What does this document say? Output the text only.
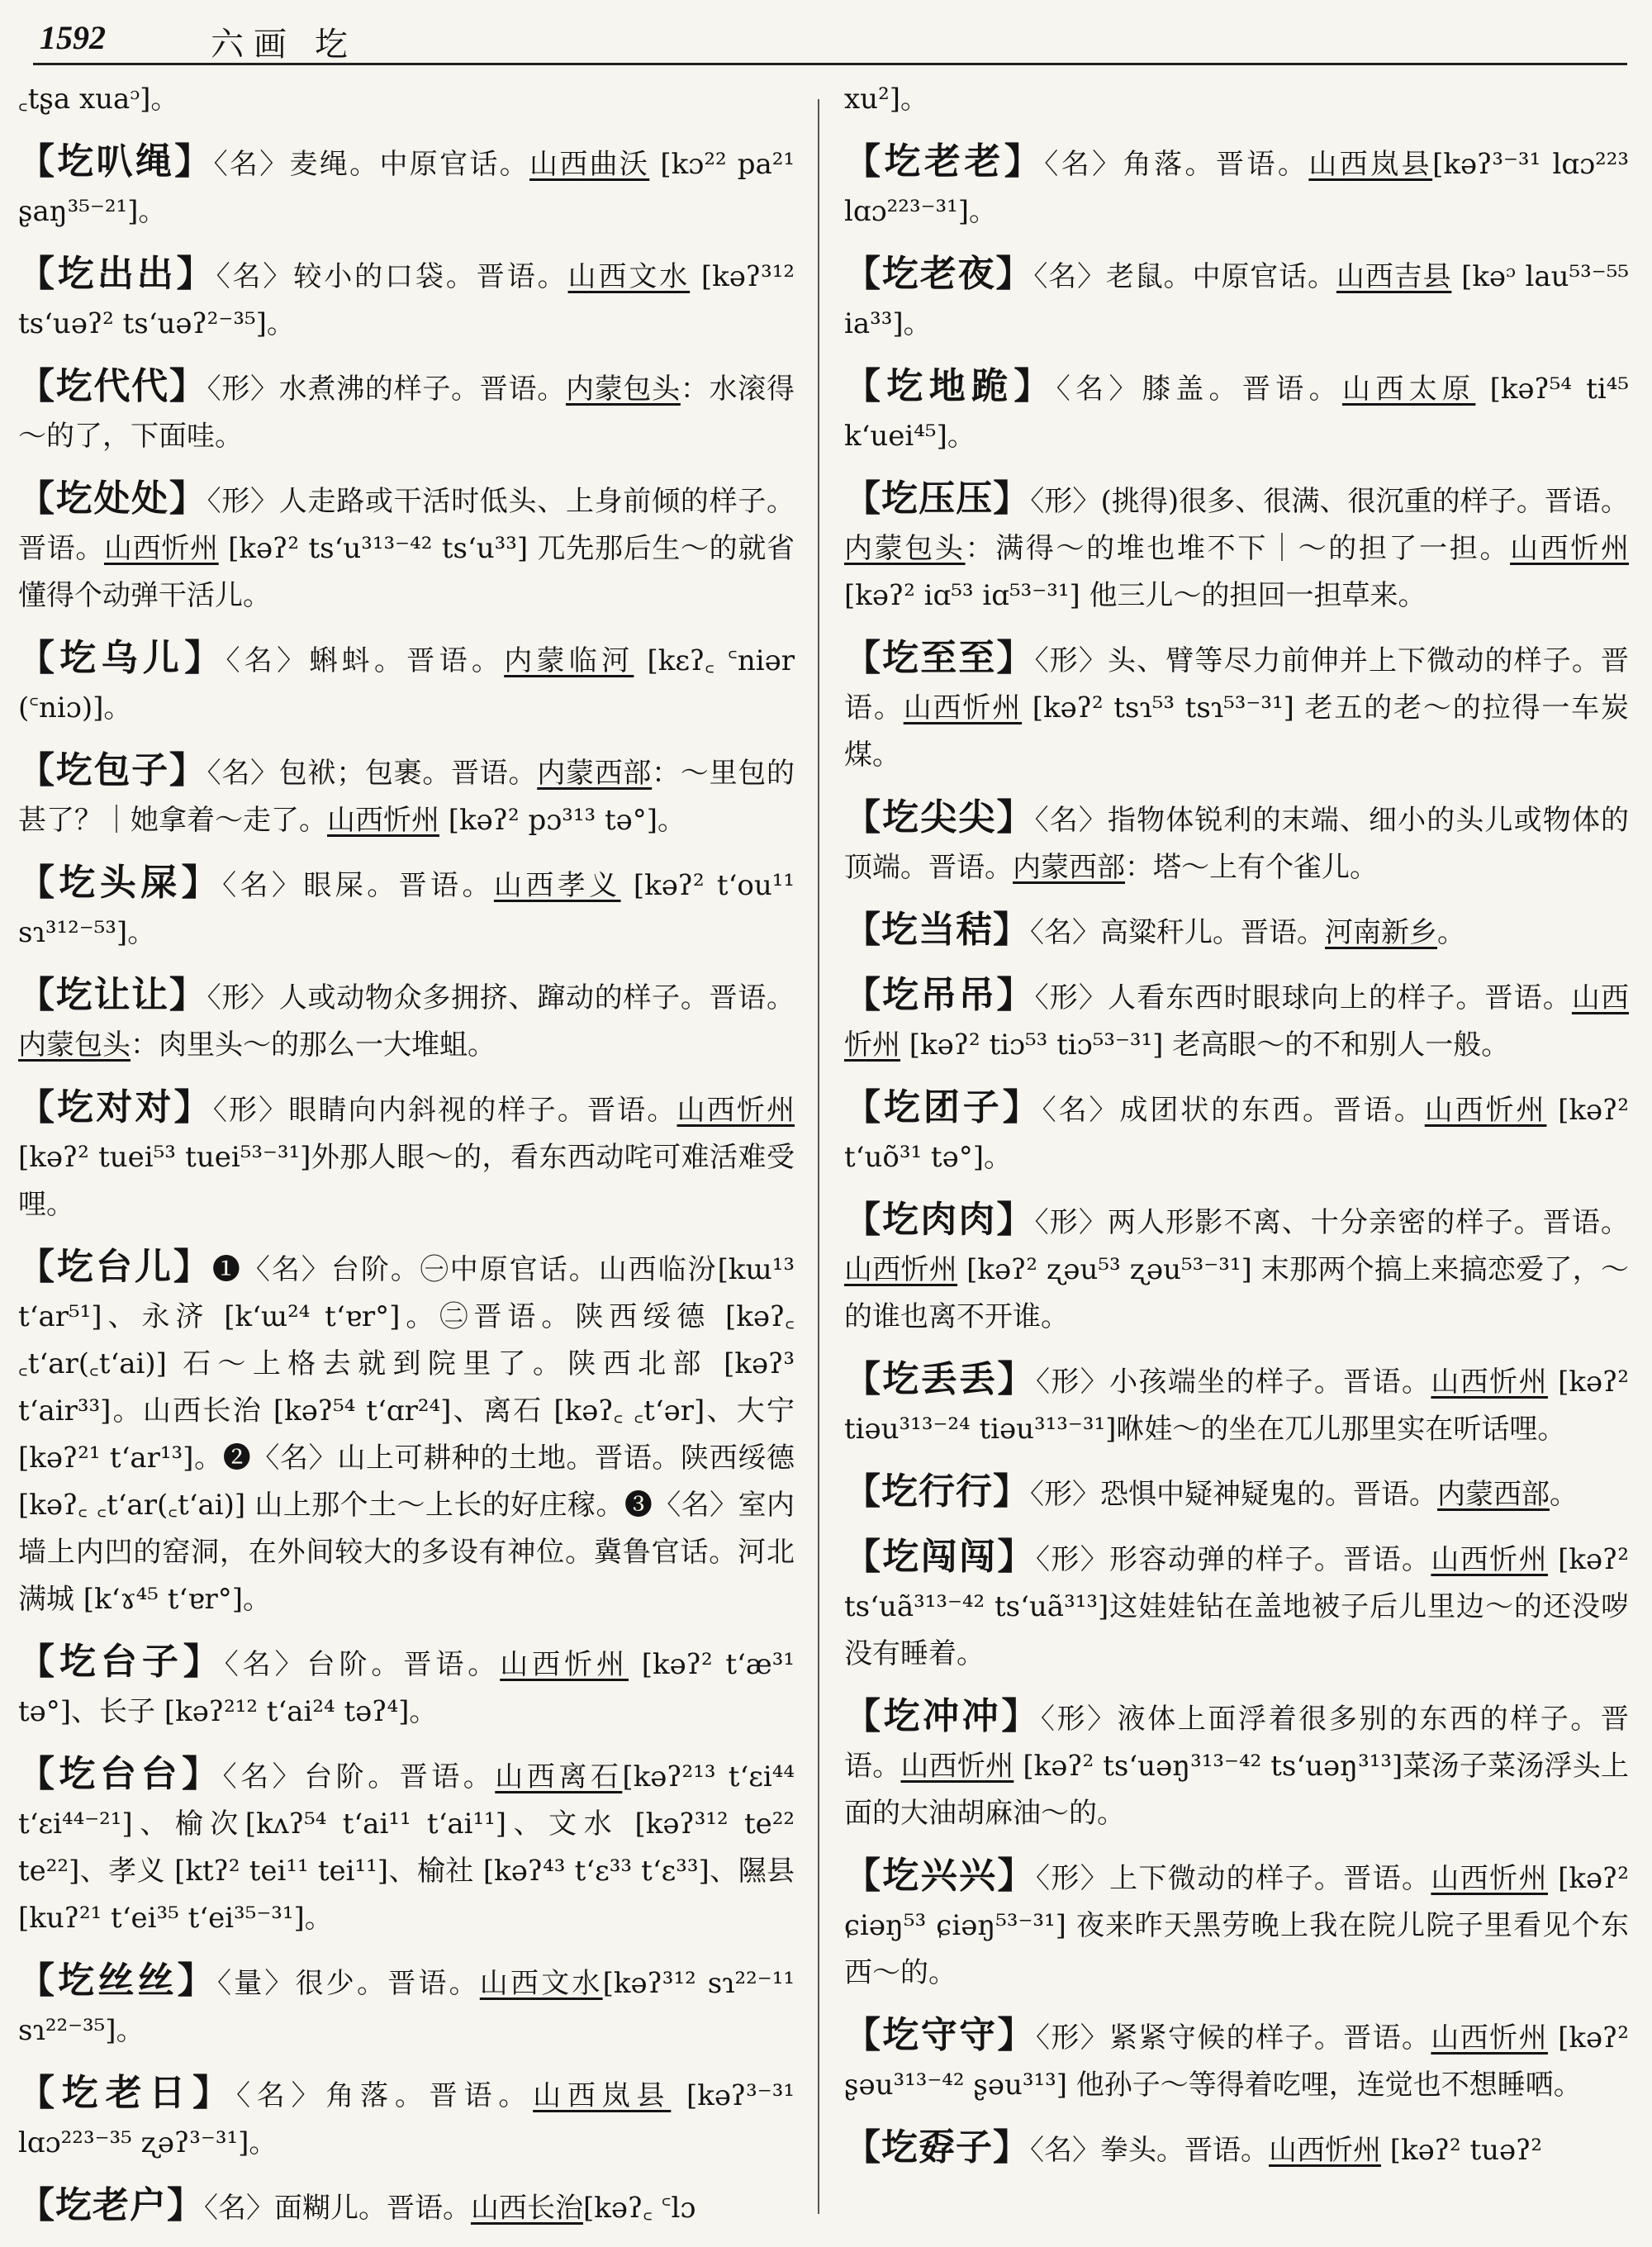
1592	六画 圪

꜀tʂa xuaᵓ]。

【圪叭绳】〈名〉麦绳。中原官话。山西曲沃 [kɔ²² pa²¹ ʂaŋ³⁵⁻²¹]。

【圪出出】〈名〉较小的口袋。晋语。山西文水 [kəʔ³¹² tsʻuəʔ² tsʻuəʔ²⁻³⁵]。

【圪代代】〈形〉水煮沸的样子。晋语。内蒙包头：水滚得～的了，下面哇。

【圪处处】〈形〉人走路或干活时低头、上身前倾的样子。晋语。山西忻州 [kəʔ² tsʻu³¹³⁻⁴² tsʻu³³] 兀先那后生～的就省懂得个动弹干活儿。

【圪乌儿】〈名〉蝌蚪。晋语。内蒙临河 [kɛʔ꜀ ꜂niər (꜂niɔ)]。

【圪包子】〈名〉包袱；包裹。晋语。内蒙西部：～里包的甚了？｜她拿着～走了。山西忻州 [kəʔ² pɔ³¹³ tə°]。

【圪头屎】〈名〉眼屎。晋语。山西孝义 [kəʔ² tʻou¹¹ sɿ³¹²⁻⁵³]。

【圪让让】〈形〉人或动物众多拥挤、蹿动的样子。晋语。内蒙包头：肉里头～的那么一大堆蛆。

【圪对对】〈形〉眼睛向内斜视的样子。晋语。山西忻州 [kəʔ² tuei⁵³ tuei⁵³⁻³¹]外那人眼～的，看东西动咤可难活难受哩。

【圪台儿】❶〈名〉台阶。㊀中原官话。山西临汾[kɯ¹³ tʻar⁵¹]、永济 [kʻɯ²⁴ tʻɐr°]。㊁晋语。陕西绥德 [kəʔ꜀ ꜀tʻar(꜀tʻai)] 石～上格去就到院里了。陕西北部 [kəʔ³ tʻair³³]。山西长治 [kəʔ⁵⁴ tʻɑr²⁴]、离石 [kəʔ꜀ ꜀tʻər]、大宁 [kəʔ²¹ tʻar¹³]。❷〈名〉山上可耕种的土地。晋语。陕西绥德 [kəʔ꜀ ꜀tʻar(꜀tʻai)] 山上那个土～上长的好庄稼。❸〈名〉室内墙上内凹的窑洞，在外间较大的多设有神位。冀鲁官话。河北满城 [kʻɤ⁴⁵ tʻɐr°]。

【圪台子】〈名〉台阶。晋语。山西忻州 [kəʔ² tʻæ³¹ tə°]、长子 [kəʔ²¹² tʻai²⁴ təʔ⁴]。

【圪台台】〈名〉台阶。晋语。山西离石[kəʔ²¹³ tʻɛi⁴⁴ tʻɛi⁴⁴⁻²¹]、榆次[kʌʔ⁵⁴ tʻai¹¹ tʻai¹¹]、文水 [kəʔ³¹² te²² te²²]、孝义 [ktʔ² tei¹¹ tei¹¹]、榆社 [kəʔ⁴³ tʻɛ³³ tʻɛ³³]、隰县[kuʔ²¹ tʻei³⁵ tʻei³⁵⁻³¹]。

【圪丝丝】〈量〉很少。晋语。山西文水[kəʔ³¹² sɿ²²⁻¹¹ sɿ²²⁻³⁵]。

【圪老日】〈名〉角落。晋语。山西岚县 [kəʔ³⁻³¹ lɑɔ²²³⁻³⁵ ʐəʔ³⁻³¹]。

【圪老户】〈名〉面糊儿。晋语。山西长治[kəʔ꜀ ꜂lɔ

xu²]。

【圪老老】〈名〉角落。晋语。山西岚县[kəʔ³⁻³¹ lɑɔ²²³ lɑɔ²²³⁻³¹]。

【圪老夜】〈名〉老鼠。中原官话。山西吉县 [kəᵓ lau⁵³⁻⁵⁵ ia³³]。

【圪地跪】〈名〉膝盖。晋语。山西太原 [kəʔ⁵⁴ ti⁴⁵ kʻuei⁴⁵]。

【圪压压】〈形〉(挑得)很多、很满、很沉重的样子。晋语。内蒙包头：满得～的堆也堆不下｜～的担了一担。山西忻州 [kəʔ² iɑ⁵³ iɑ⁵³⁻³¹] 他三儿～的担回一担草来。

【圪至至】〈形〉头、臂等尽力前伸并上下微动的样子。晋语。山西忻州 [kəʔ² tsɿ⁵³ tsɿ⁵³⁻³¹] 老五的老～的拉得一车炭煤。

【圪尖尖】〈名〉指物体锐利的末端、细小的头儿或物体的顶端。晋语。内蒙西部：塔～上有个雀儿。

【圪当秸】〈名〉高粱秆儿。晋语。河南新乡。

【圪吊吊】〈形〉人看东西时眼球向上的样子。晋语。山西忻州 [kəʔ² tiɔ⁵³ tiɔ⁵³⁻³¹] 老高眼～的不和别人一般。

【圪团子】〈名〉成团状的东西。晋语。山西忻州 [kəʔ² tʻuõ³¹ tə°]。

【圪肉肉】〈形〉两人形影不离、十分亲密的样子。晋语。山西忻州 [kəʔ² ʐəu⁵³ ʐəu⁵³⁻³¹] 末那两个搞上来搞恋爱了，～的谁也离不开谁。

【圪丢丢】〈形〉小孩端坐的样子。晋语。山西忻州 [kəʔ² tiəu³¹³⁻²⁴ tiəu³¹³⁻³¹]咻娃～的坐在兀儿那里实在听话哩。

【圪行行】〈形〉恐惧中疑神疑鬼的。晋语。内蒙西部。

【圪闯闯】〈形〉形容动弹的样子。晋语。山西忻州 [kəʔ² tsʻuã³¹³⁻⁴² tsʻuã³¹³]这娃娃钻在盖地被子后儿里边～的还没哕没有睡着。

【圪冲冲】〈形〉液体上面浮着很多别的东西的样子。晋语。山西忻州 [kəʔ² tsʻuəŋ³¹³⁻⁴² tsʻuəŋ³¹³]菜汤子菜汤浮头上面的大油胡麻油～的。

【圪兴兴】〈形〉上下微动的样子。晋语。山西忻州 [kəʔ² ɕiəŋ⁵³ ɕiəŋ⁵³⁻³¹] 夜来昨天黑劳晚上我在院儿院子里看见个东西～的。

【圪守守】〈形〉紧紧守候的样子。晋语。山西忻州 [kəʔ² ʂəu³¹³⁻⁴² ʂəu³¹³] 他孙子～等得着吃哩，连觉也不想睡哂。

【圪孬子】〈名〉拳头。晋语。山西忻州 [kəʔ² tuəʔ²
